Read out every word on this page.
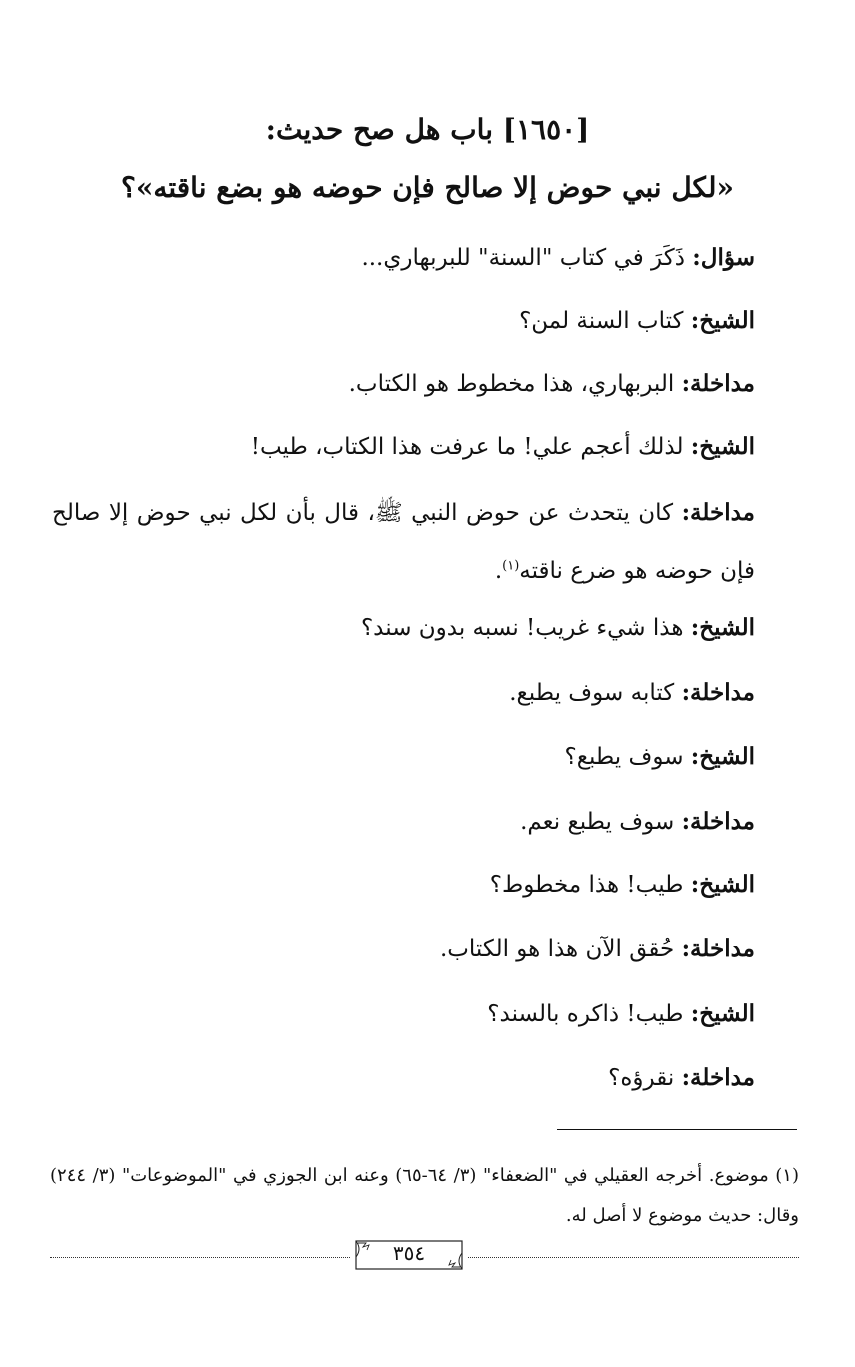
[١٦٥٠] باب هل صح حديث:
«لكل نبي حوض إلا صالح فإن حوضه هو بضع ناقته»؟
سؤال: ذَكَرَ في كتاب "السنة" للبربهاري...
الشيخ: كتاب السنة لمن؟
مداخلة: البربهاري، هذا مخطوط هو الكتاب.
الشيخ: لذلك أعجم علي! ما عرفت هذا الكتاب، طيب!
مداخلة: كان يتحدث عن حوض النبي ﷺ، قال بأن لكل نبي حوض إلا صالح فإن حوضه هو ضرع ناقته$^{(١)}$.
الشيخ: هذا شيء غريب! نسبه بدون سند؟
مداخلة: كتابه سوف يطبع.
الشيخ: سوف يطبع؟
مداخلة: سوف يطبع نعم.
الشيخ: طيب! هذا مخطوط؟
مداخلة: حُقق الآن هذا هو الكتاب.
الشيخ: طيب! ذاكره بالسند؟
مداخلة: نقرؤه؟
(١) موضوع. أخرجه العقيلي في "الضعفاء" (٣/ ٦٤-٦٥) وعنه ابن الجوزي في "الموضوعات" (٣/ ٢٤٤) وقال: حديث موضوع لا أصل له.
٣٥٤
